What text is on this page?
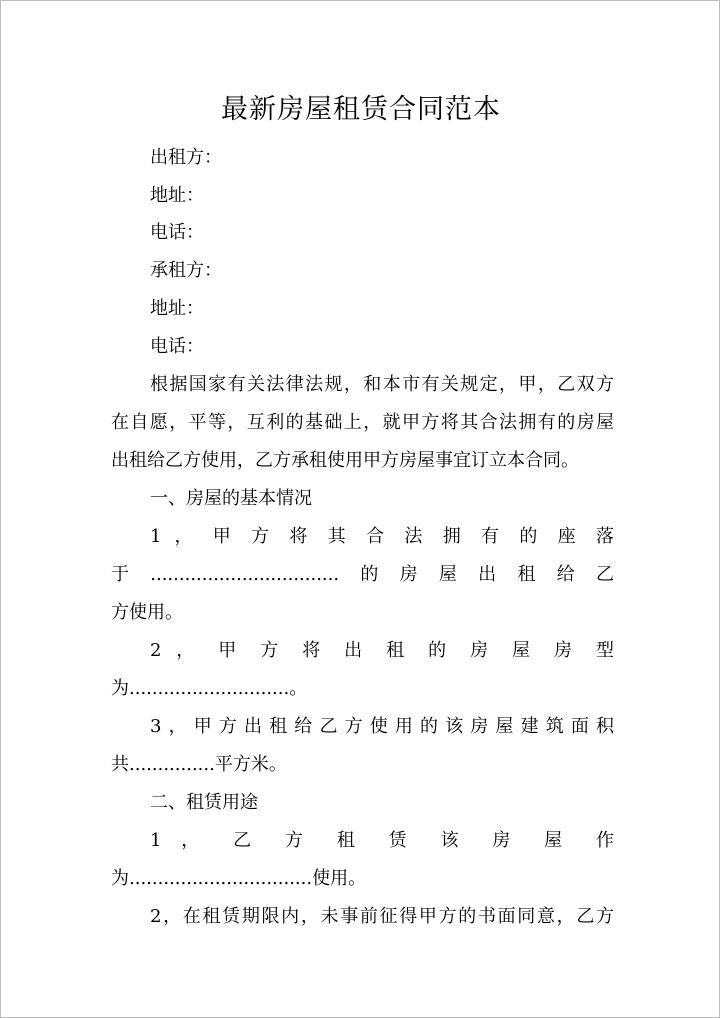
最新房屋租赁合同范本
出租方：
地址：
电话：
承租方：
地址：
电话：
根据国家有关法律法规，和本市有关规定，甲，乙双方
在自愿，平等，互利的基础上，就甲方将其合法拥有的房屋
出租给乙方使用，乙方承租使用甲方房屋事宜订立本合同。
一、房屋的基本情况
1 ， 甲 方 将 其 合 法 拥 有 的 座 落
于.................................的房屋出租给乙
方使用。
2 ， 甲 方 将 出 租 的 房 屋 房 型
为............................。
3，甲方出租给乙方使用的该房屋建筑面积
共...............平方米。
二、租赁用途
1 ， 乙 方 租 赁 该 房 屋 作
为................................使用。
2，在租赁期限内，未事前征得甲方的书面同意，乙方
